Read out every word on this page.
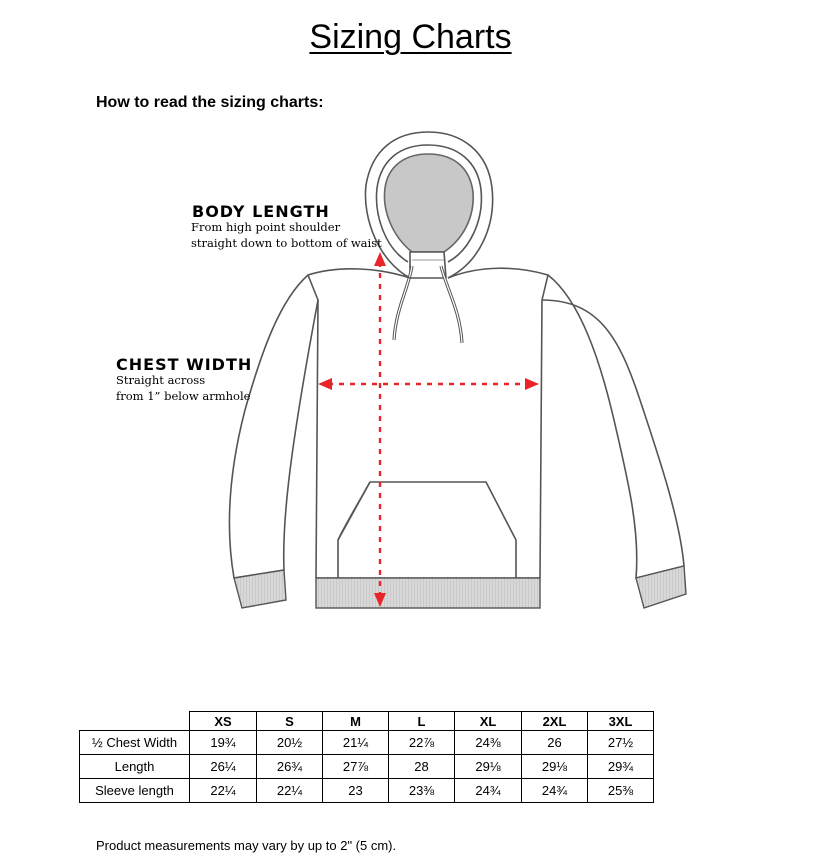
Sizing Charts
How to read the sizing charts:
BODY LENGTH
From high point shoulder
straight down to bottom of waist
CHEST WIDTH
Straight across
from 1” below armhole
	XS	S	M	L	XL	2XL	3XL
½ Chest Width	19¾	20½	21¼	22⅞	24⅜	26	27½
Length	26¼	26¾	27⅞	28	29⅛	29⅛	29¾
Sleeve length	22¼	22¼	23	23⅜	24¾	24¾	25⅜
Product measurements may vary by up to 2" (5 cm).
